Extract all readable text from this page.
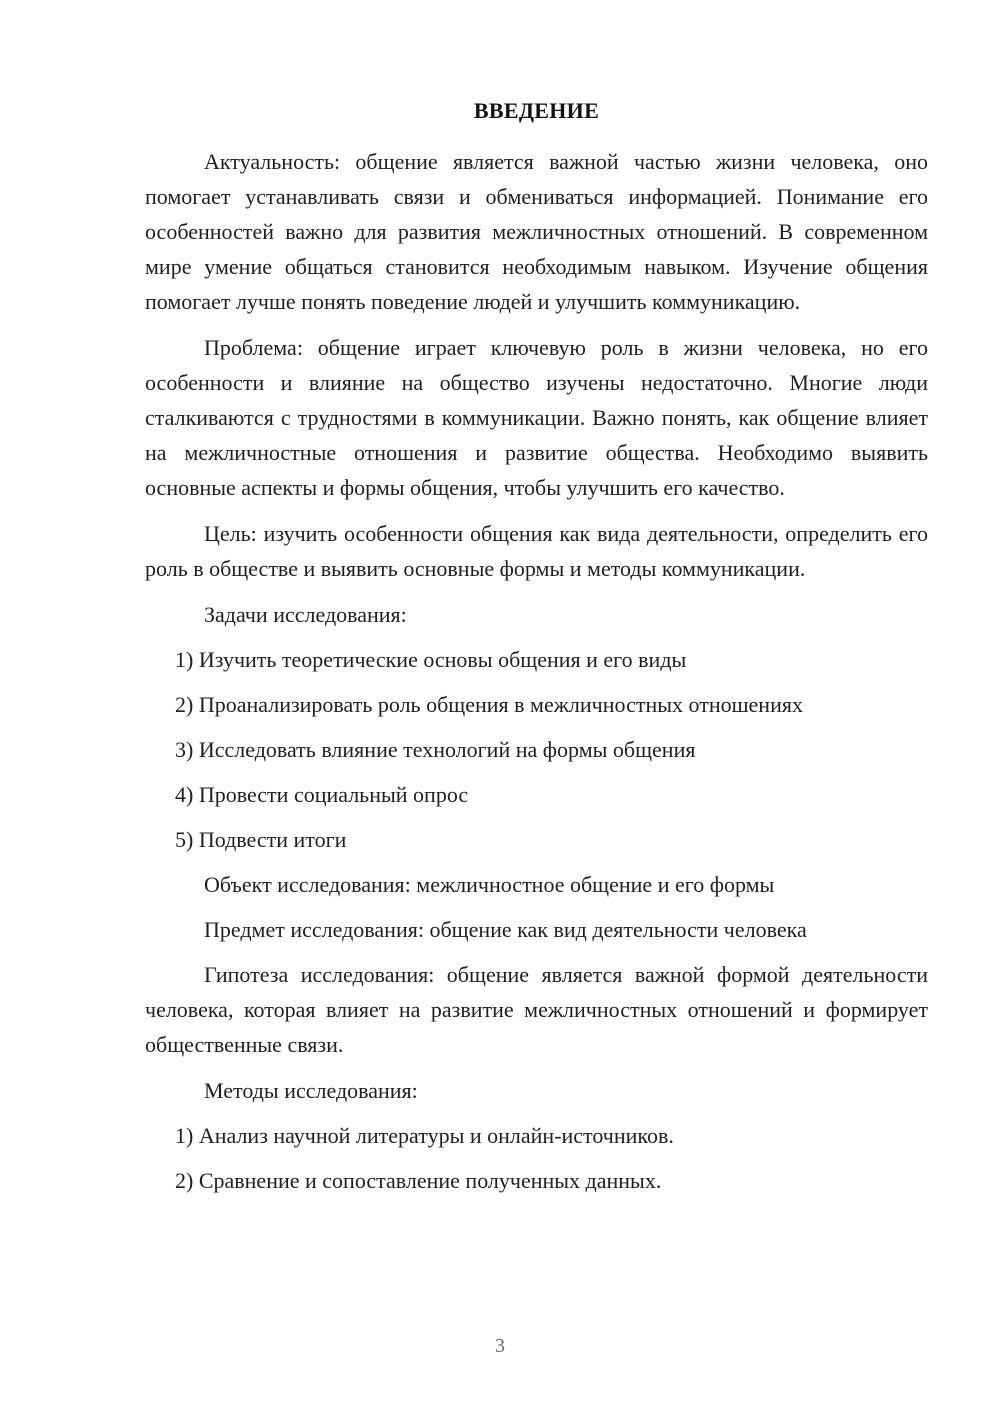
ВВЕДЕНИЕ

Актуальность: общение является важной частью жизни человека, оно помогает устанавливать связи и обмениваться информацией. Понимание его особенностей важно для развития межличностных отношений. В современном мире умение общаться становится необходимым навыком. Изучение общения помогает лучше понять поведение людей и улучшить коммуникацию.

Проблема: общение играет ключевую роль в жизни человека, но его особенности и влияние на общество изучены недостаточно. Многие люди сталкиваются с трудностями в коммуникации. Важно понять, как общение влияет на межличностные отношения и развитие общества. Необходимо выявить основные аспекты и формы общения, чтобы улучшить его качество.

Цель: изучить особенности общения как вида деятельности, определить его роль в обществе и выявить основные формы и методы коммуникации.

Задачи исследования:

1) Изучить теоретические основы общения и его виды

2) Проанализировать роль общения в межличностных отношениях

3) Исследовать влияние технологий на формы общения

4) Провести социальный опрос

5) Подвести итоги

Объект исследования: межличностное общение и его формы

Предмет исследования: общение как вид деятельности человека

Гипотеза исследования: общение является важной формой деятельности человека, которая влияет на развитие межличностных отношений и формирует общественные связи.

Методы исследования:

1) Анализ научной литературы и онлайн-источников.

2) Сравнение и сопоставление полученных данных.

3
